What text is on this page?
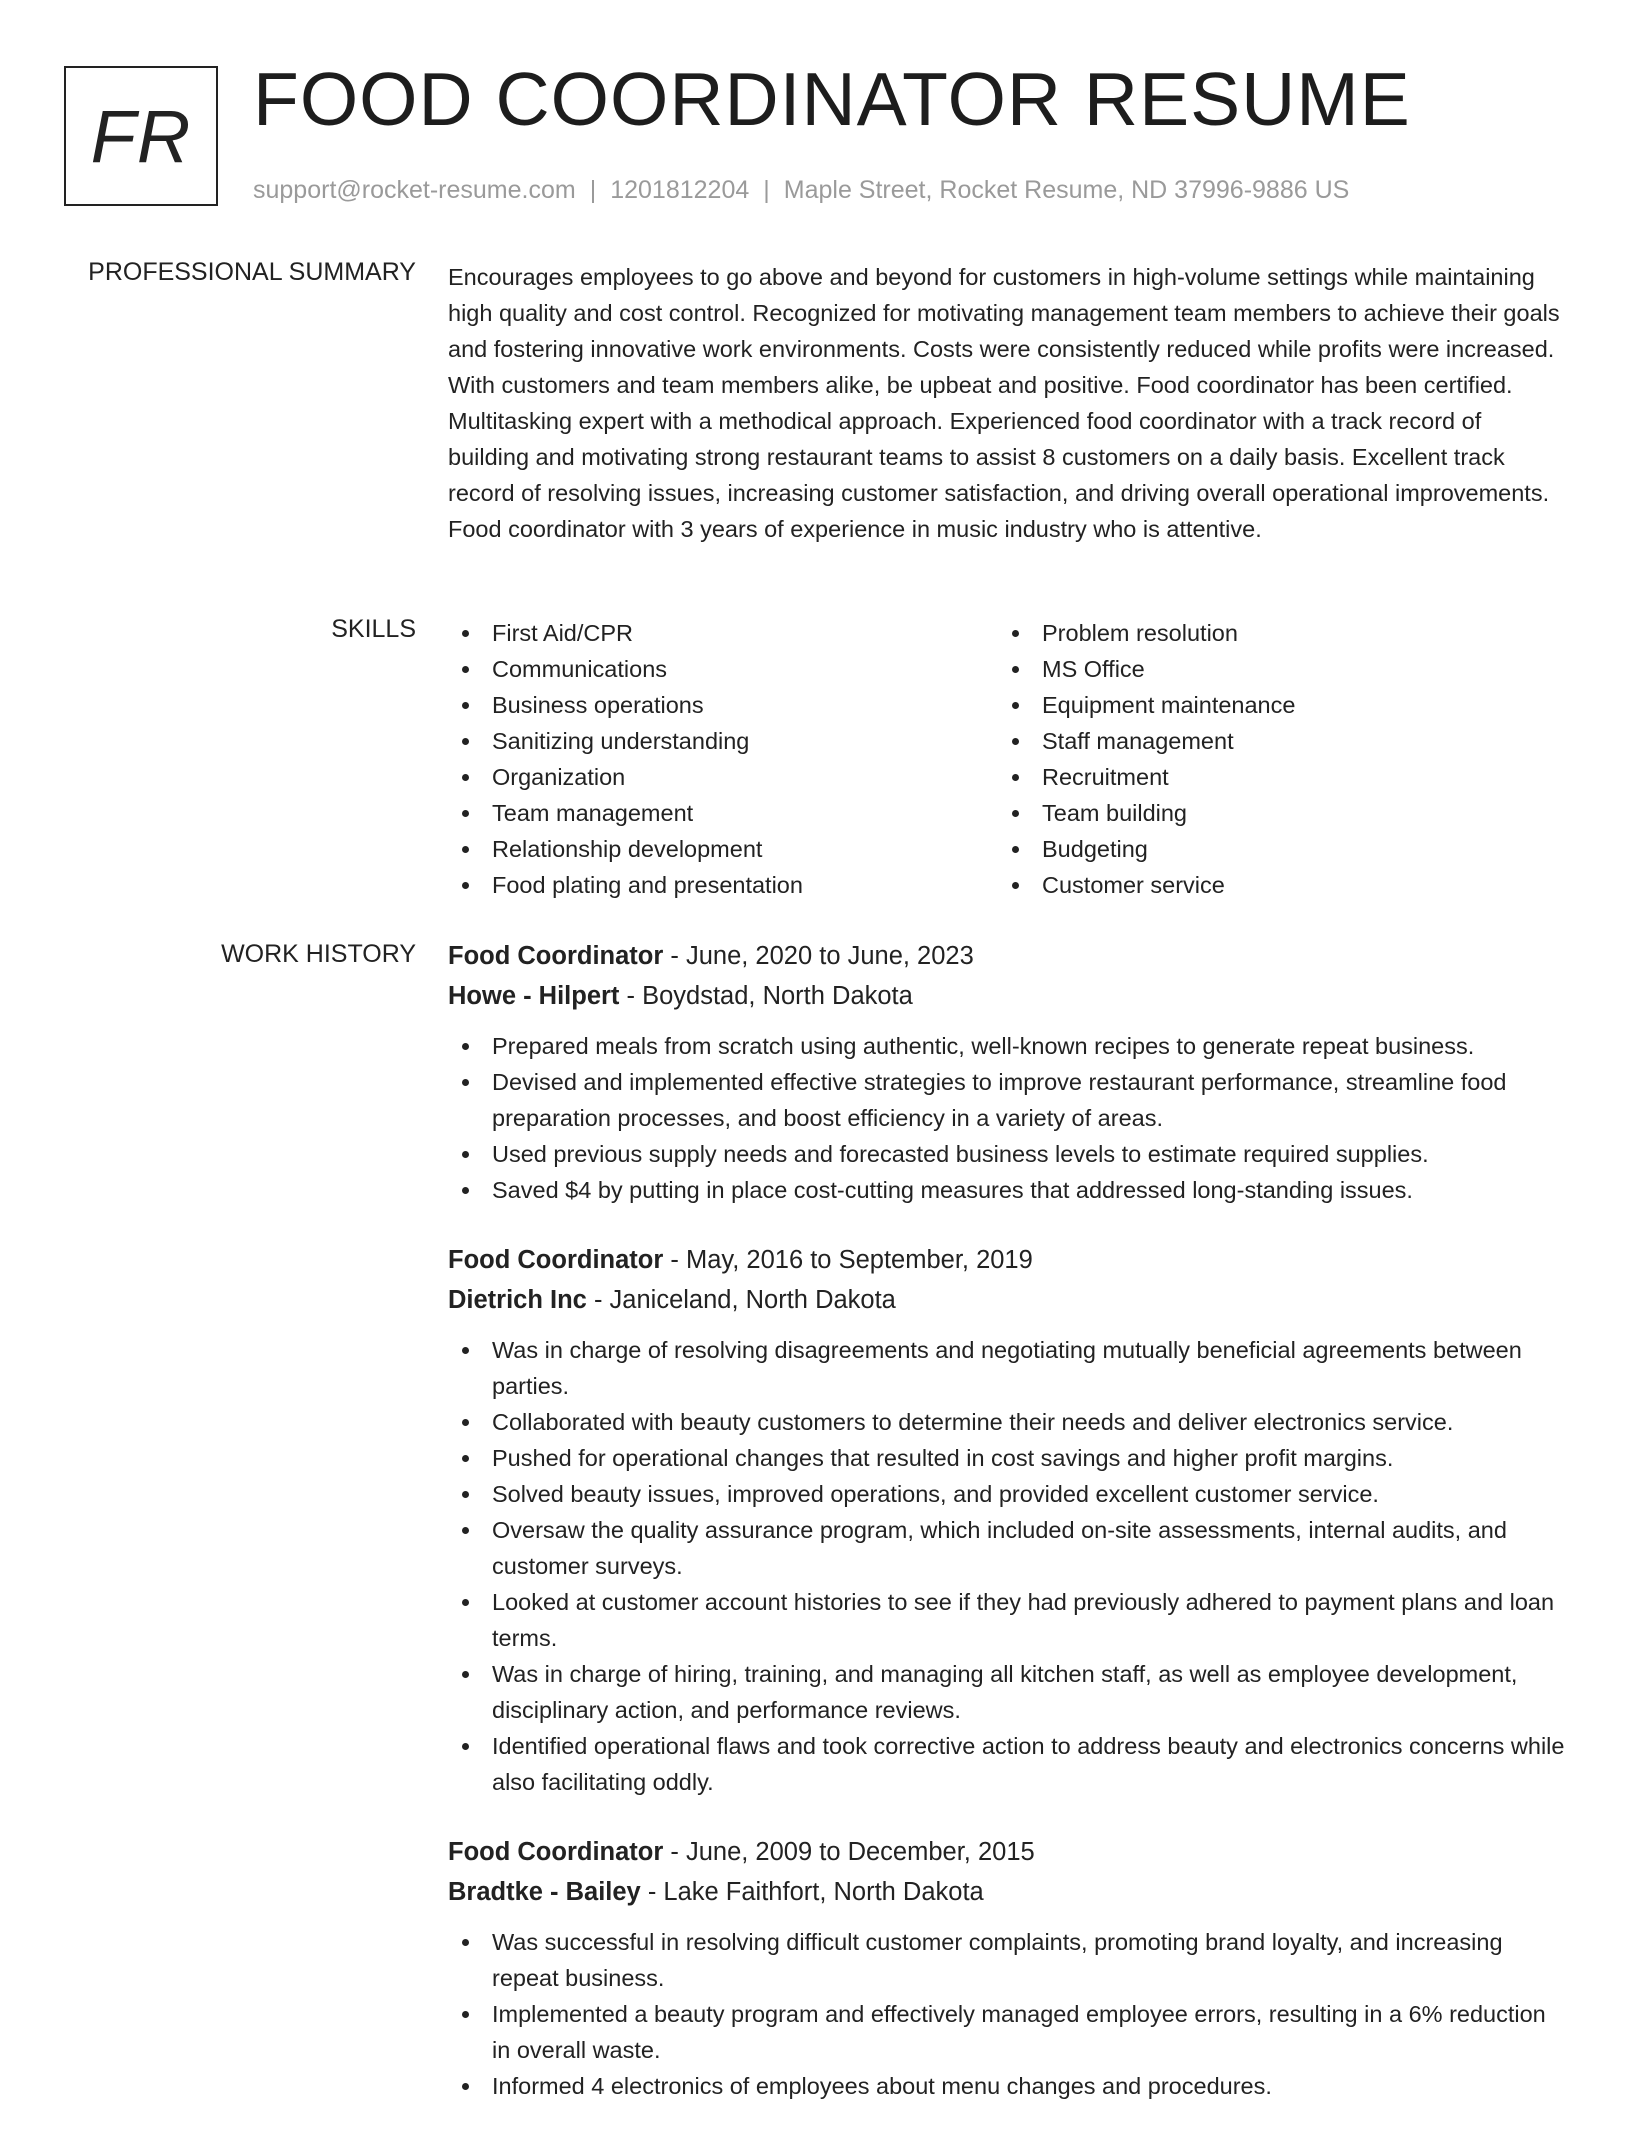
FR FOOD COORDINATOR RESUME
support@rocket-resume.com | 1201812204 | Maple Street, Rocket Resume, ND 37996-9886 US
PROFESSIONAL SUMMARY Encourages employees to go above and beyond for customers in high-volume settings while maintaining high quality and cost control. Recognized for motivating management team members to achieve their goals and fostering innovative work environments. Costs were consistently reduced while profits were increased. With customers and team members alike, be upbeat and positive. Food coordinator has been certified. Multitasking expert with a methodical approach. Experienced food coordinator with a track record of building and motivating strong restaurant teams to assist 8 customers on a daily basis. Excellent track record of resolving issues, increasing customer satisfaction, and driving overall operational improvements. Food coordinator with 3 years of experience in music industry who is attentive.

SKILLS	First Aid/CPR
Communications
Business operations
Sanitizing understanding
Organization
Team management
Relationship development
Food plating and presentation
Problem resolution
MS Office
Equipment maintenance
Staff management
Recruitment
Team building
Budgeting
Customer service
WORK HISTORY Food Coordinator - June, 2020 to June, 2023
Howe - Hilpert - Boydstad, North Dakota
Prepared meals from scratch using authentic, well-known recipes to generate repeat business.
Devised and implemented effective strategies to improve restaurant performance, streamline food preparation processes, and boost efficiency in a variety of areas.
Used previous supply needs and forecasted business levels to estimate required supplies.
Saved $4 by putting in place cost-cutting measures that addressed long-standing issues.
Food Coordinator - May, 2016 to September, 2019
Dietrich Inc - Janiceland, North Dakota
Was in charge of resolving disagreements and negotiating mutually beneficial agreements between parties.
Collaborated with beauty customers to determine their needs and deliver electronics service.
Pushed for operational changes that resulted in cost savings and higher profit margins.
Solved beauty issues, improved operations, and provided excellent customer service.
Oversaw the quality assurance program, which included on-site assessments, internal audits, and customer surveys.
Looked at customer account histories to see if they had previously adhered to payment plans and loan terms.
Was in charge of hiring, training, and managing all kitchen staff, as well as employee development, disciplinary action, and performance reviews.
Identified operational flaws and took corrective action to address beauty and electronics concerns while also facilitating oddly.
Food Coordinator - June, 2009 to December, 2015
Bradtke - Bailey - Lake Faithfort, North Dakota
Was successful in resolving difficult customer complaints, promoting brand loyalty, and increasing repeat business.
Implemented a beauty program and effectively managed employee errors, resulting in a 6% reduction in overall waste.
Informed 4 electronics of employees about menu changes and procedures.
